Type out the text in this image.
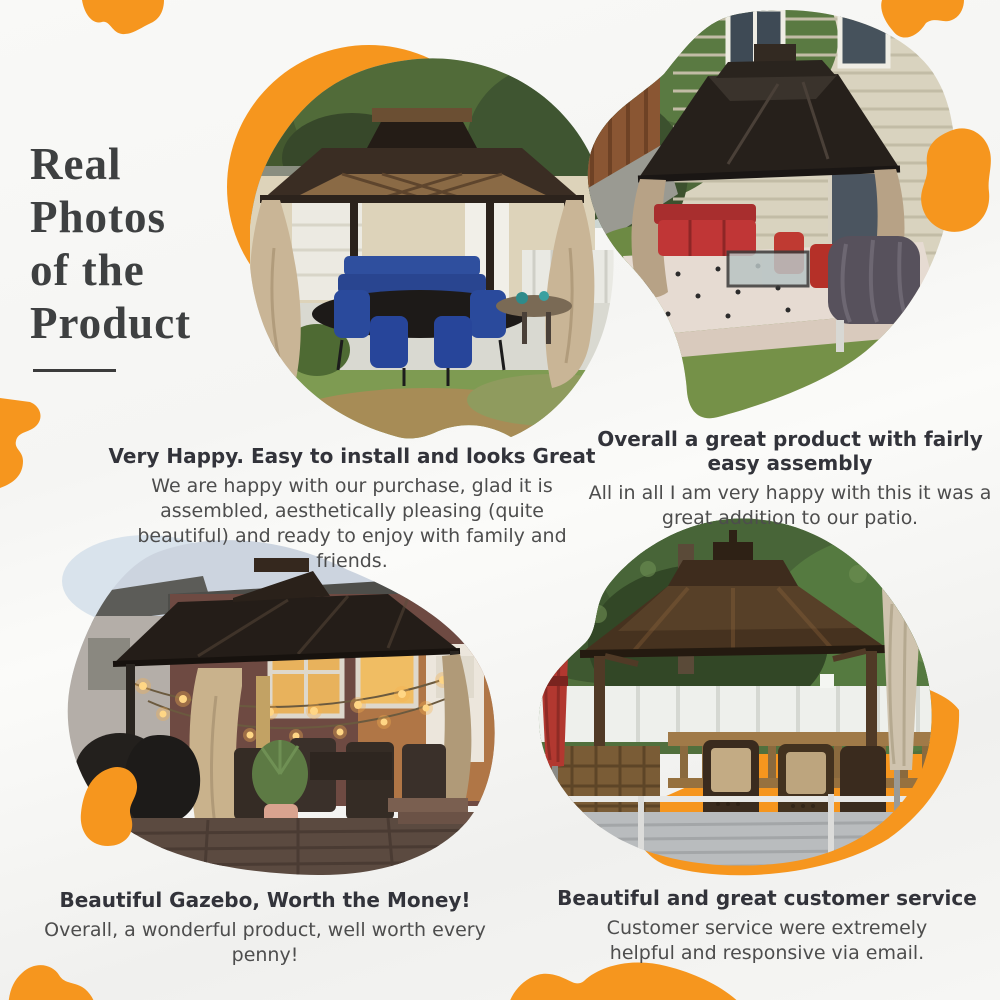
Real
Photos
of the
Product
Very Happy. Easy to install and looks Great
We are happy with our purchase, glad it is assembled, aesthetically pleasing (quite beautiful) and ready to enjoy with family and friends.
Overall a great product with fairly easy assembly
All in all I am very happy with this it was a great addition to our patio.
Beautiful Gazebo, Worth the Money!
Overall, a wonderful product, well worth every penny!
Beautiful and great customer service
Customer service were extremely helpful and responsive via email.
